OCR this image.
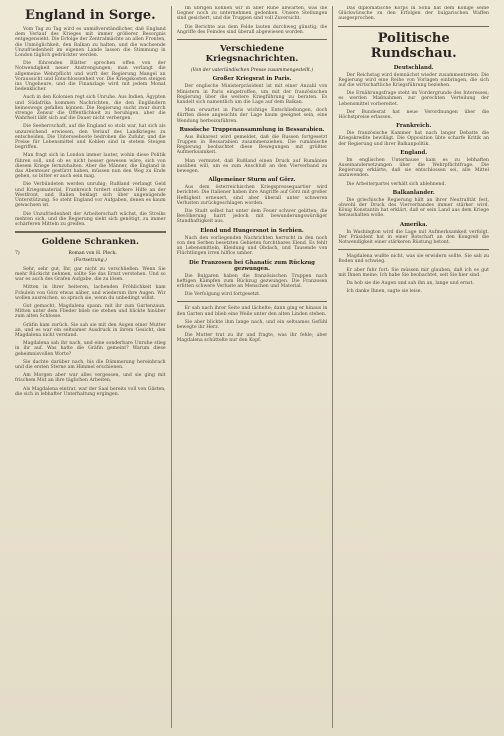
England in Sorge.

Vom Tag zu Tag wird es unmißverständlicher, daß England dem Verlauf des Krieges mit immer größerer Besorgnis entgegensieht. Die Erfolge der Zentralmächte an allen Fronten, die Unmöglichkeit, den Balkan zu halten, und die wachsende Unzufriedenheit im eigenen Lande lassen die Stimmung in London täglich gedrückter werden.

Die führenden Blätter sprechen offen von der Notwendigkeit neuer Anstrengungen; man verlangt die allgemeine Wehrpflicht und wirft der Regierung Mangel an Voraussicht und Entschlossenheit vor. Die Kriegskosten steigen ins Ungeheure, und die Finanzlage wird mit jedem Monat bedenklicher.

Auch in den Kolonien regt sich Unruhe. Aus Indien, Ägypten und Südafrika kommen Nachrichten, die den Engländern keineswegs gefallen können. Die Regierung sucht zwar durch strenge Zensur die Öffentlichkeit zu beruhigen, aber die Wahrheit läßt sich auf die Dauer nicht verbergen.

Die Seeherrschaft, auf die England so stolz war, hat sich als unzureichend erwiesen, den Verlauf des Landkrieges zu entscheiden. Die Unterseeboote bedrohen die Zufuhr, und die Preise für Lebensmittel und Kohlen sind in stetem Steigen begriffen.

Man fragt sich in London immer lauter, wohin diese Politik führen soll, und ob es nicht besser gewesen wäre, sich von diesem Kriege fernzuhalten. Aber die Männer, die England in das Abenteuer gestürzt haben, müssen nun den Weg zu Ende gehen, so bitter er auch sein mag.

Die Verbündeten werden unruhig; Rußland verlangt Geld und Kriegsmaterial, Frankreich fordert stärkere Hilfe an der Westfront, und Italien beklagt sich über ungenügende Unterstützung. So steht England vor Aufgaben, denen es kaum gewachsen ist.

Die Unzufriedenheit der Arbeiterschaft wächst, die Streiks mehren sich, und die Regierung sieht sich genötigt, zu immer schärferen Mitteln zu greifen.

Goldene Schranken.
7)	Roman von H. Pleck.
(Fortsetzung.)

Sehr, sehr gut, Ihr, gar nicht zu verschließen. Wenn Sie mehr Rückicht nehmen, sollte Sie das Ernst verstehen. Und so war es auch des Grafen Aufgabe, die zu lösen.

Mitten in ihrer heiteren, lachenden Fröhlichkeit kam Fräulein von Görz etwas näher, und wiederum ihre Augen. Wir wollen ausreichen, so sprach sie, wenn du unbedingt willst.

Gut gemacht, Magdalena spann. mit ihr zum Gartenzaun. Mitten unter dem Flieder blieb sie stehen und blickte hinüber zum alten Schlosse.

Gräfin kam zurück. Sie sah sie mit den Augen einer Mutter an, und es war ein seltsamer Ausdruck in ihrem Gesicht, den Magdalena nicht verstand.

Magdalena sah ihr nach, und eine sonderbare Unruhe stieg in ihr auf. Was hatte die Gräfin gemeint? Warum diese geheimnisvollen Worte?

Sie dachte darüber nach, bis die Dämmerung hereinbrach und die ersten Sterne am Himmel erschienen.

Am Morgen aber war alles vergessen, und sie ging mit frischem Mut an ihre täglichen Arbeiten.

Als Magdalena eintrat, war der Saal bereits voll von Gästen, die sich in lebhafter Unterhaltung ergingen.

Im übrigen können wir in aller Ruhe abwarten, was die Gegner noch zu unternehmen gedenken. Unsere Stellungen sind gesichert, und die Truppen sind voll Zuversicht.

Die Berichte aus dem Felde lauten durchweg günstig; die Angriffe des Feindes sind überall abgewiesen worden.

Verschiedene Kriegsnachrichten.
(Von der vaterländischen Presse zusammengestellt.)
Großer Kriegsrat in Paris.

Der englische Ministerpräsident ist mit einer Anzahl von Ministern in Paris eingetroffen, um mit der französischen Regierung über die weitere Kriegführung zu beraten. Es handelt sich namentlich um die Lage auf dem Balkan.

Man erwartet in Paris wichtige Entschließungen, doch dürften diese angesichts der Lage kaum geeignet sein, eine Wendung herbeizuführen.

Russische Truppenansammlung in Bessarabien.

Aus Bukarest wird gemeldet, daß die Russen fortgesetzt Truppen in Bessarabien zusammenziehen. Die rumänische Regierung beobachtet diese Bewegungen mit größter Aufmerksamkeit.

Man vermutet, daß Rußland einen Druck auf Rumänien ausüben will, um es zum Anschluß an den Vierverband zu bewegen.

Allgemeiner Sturm auf Görz.

Aus dem österreichischen Kriegspressequartier wird berichtet: Die Italiener haben ihre Angriffe auf Görz mit großer Heftigkeit erneuert, sind aber überall unter schweren Verlusten zurückgeschlagen worden.

Die Stadt selbst hat unter dem Feuer schwer gelitten; die Bevölkerung harrt jedoch mit bewunderungswürdiger Standhaftigkeit aus.

Elend und Hungersnot in Serbien.

Nach den vorliegenden Nachrichten herrscht in den noch von den Serben besetzten Gebieten furchtbares Elend. Es fehlt an Lebensmitteln, Kleidung und Obdach, und Tausende von Flüchtlingen irren hilflos umher.

Die Franzosen bei Ghanatic zum Rückzug gezwungen.

Die Bulgaren haben die französischen Truppen nach heftigen Kämpfen zum Rückzug gezwungen. Die Franzosen erlitten schwere Verluste an Menschen und Material.

Die Verfolgung wird fortgesetzt.

Er sah nach ihrer Seite und lächelte; dann ging er hinaus in den Garten und blieb eine Weile unter den alten Linden stehen.

Sie aber blickte ihm lange nach, und ein seltsames Gefühl bewegte ihr Herz.

Die Mutter trat zu ihr und fragte, was ihr fehle; aber Magdalena schüttelte nur den Kopf.

Das diplomatische Korps in Sofia hat dem Könige seine Glückwünsche zu den Erfolgen der bulgarischen Waffen ausgesprochen.

Politische Rundschau.
Deutschland.

Der Reichstag wird demnächst wieder zusammentreten. Die Regierung wird eine Reihe von Vorlagen einbringen, die sich auf die wirtschaftliche Kriegsführung beziehen.

Die Ernährungsfrage steht im Vordergrunde des Interesses; es werden Maßnahmen zur gerechten Verteilung der Lebensmittel vorbereitet.

Der Bundesrat hat neue Verordnungen über die Höchstpreise erlassen.

Frankreich.

Die französische Kammer hat nach langer Debatte die Kriegskredite bewilligt. Die Opposition übte scharfe Kritik an der Regierung und ihrer Balkanpolitik.

England.

Im englischen Unterhause kam es zu lebhaften Auseinandersetzungen über die Wehrpflichtfrage. Die Regierung erklärte, daß sie entschlossen sei, alle Mittel anzuwenden.

Die Arbeiterpartei verhält sich ablehnend.

Balkanlander.

Die griechische Regierung hält an ihrer Neutralität fest, obwohl der Druck des Vierverbandes immer stärker wird. König Konstantin hat erklärt, daß er sein Land aus dem Kriege heraushalten wolle.

Amerika.

In Washington wird die Lage mit Aufmerksamkeit verfolgt. Der Präsident hat in einer Botschaft an den Kongreß die Notwendigkeit einer stärkeren Rüstung betont.

Magdalena wußte nicht, was sie erwidern sollte. Sie sah zu Boden und schwieg.

Er aber fuhr fort: Sie müssen mir glauben, daß ich es gut mit Ihnen meine. Ich habe Sie beobachtet, seit Sie hier sind.

Da hob sie die Augen und sah ihn an, lange und ernst.

Ich danke Ihnen, sagte sie leise.
